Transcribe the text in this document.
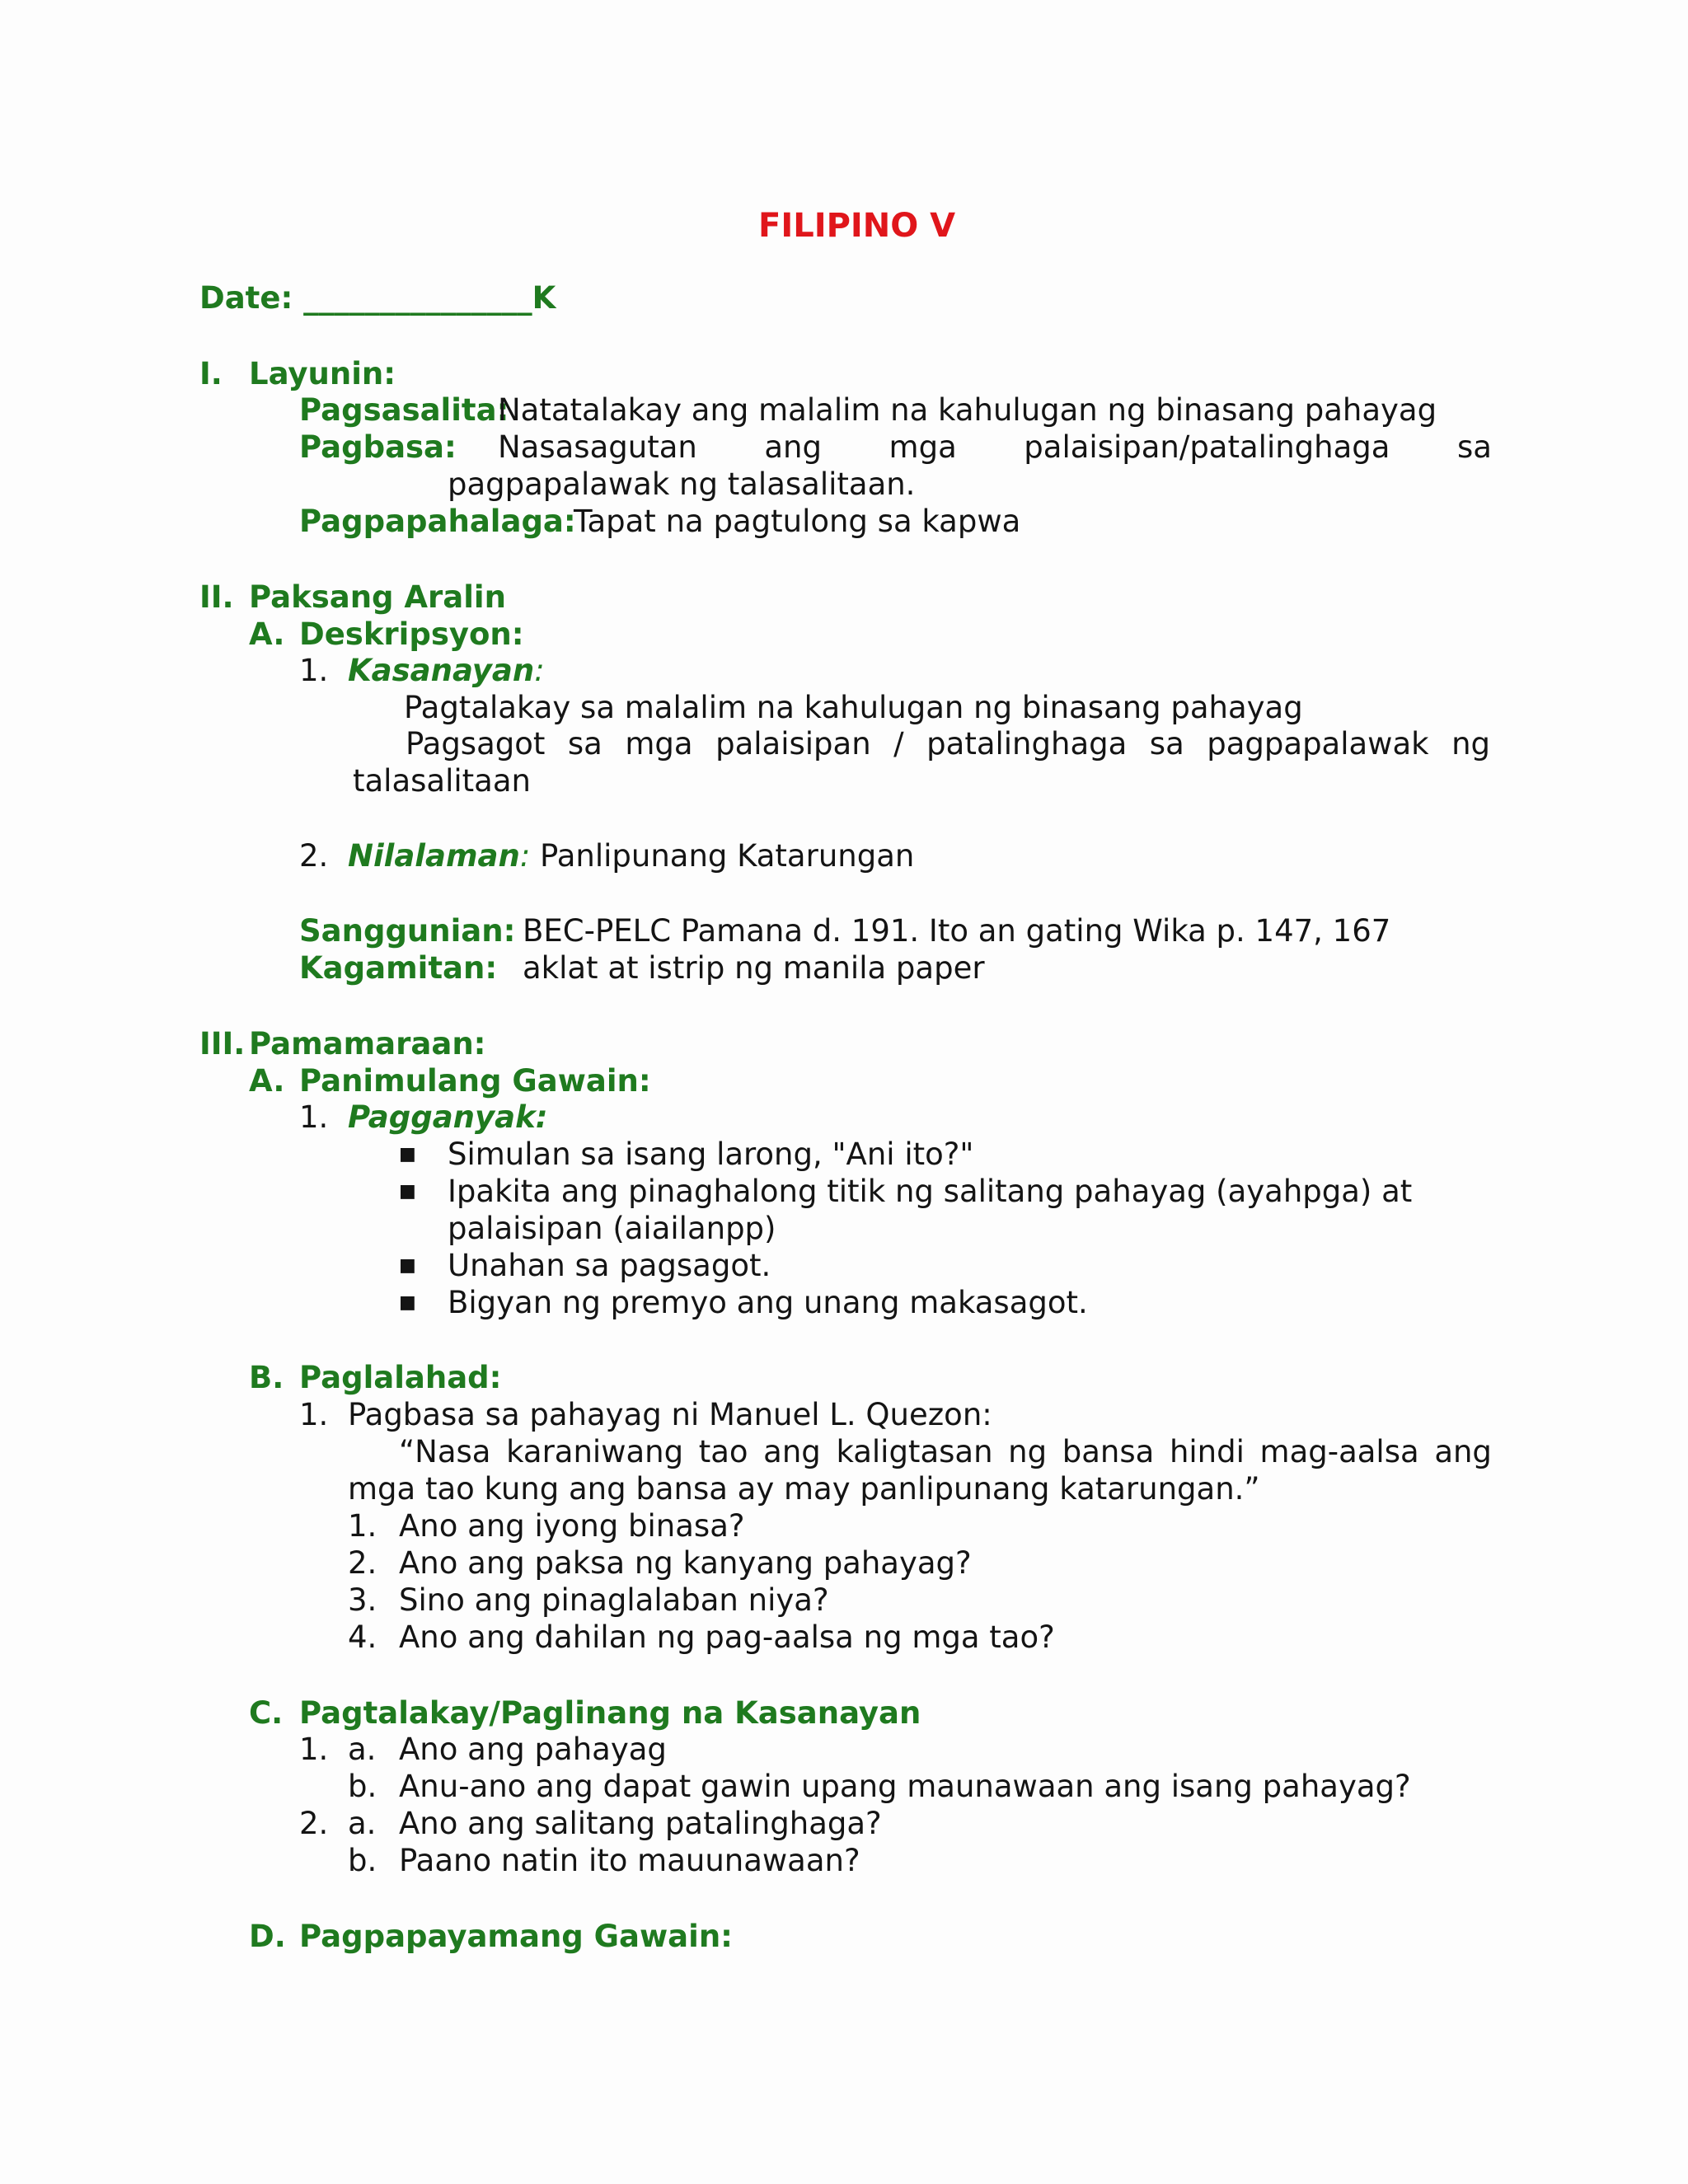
FILIPINO V
Date: _______________K
I. Layunin:
Pagsasalita:
Natatalakay ang malalim na kahulugan ng binasang pahayag
Pagbasa: Nasasagutan ang mga palaisipan/patalinghaga sa
pagpapalawak ng talasalitaan.
Pagpapahalaga:
Tapat na pagtulong sa kapwa
II. Paksang Aralin
A. Deskripsyon:
1. Kasanayan:
Pagtalakay sa malalim na kahulugan ng binasang pahayag
Pagsagot sa mga palaisipan / patalinghaga sa pagpapalawak ng
talasalitaan
2. Nilalaman: Panlipunang Katarungan
Sanggunian: BEC-PELC Pamana d. 191. Ito an gating Wika p. 147, 167
Kagamitan: aklat at istrip ng manila paper
III. Pamamaraan:
A. Panimulang Gawain:
1. Pagganyak:
■ Simulan sa isang larong, "Ani ito?"
■ Ipakita ang pinaghalong titik ng salitang pahayag (ayahpga) at
palaisipan (aiailanpp)
■ Unahan sa pagsagot.
■ Bigyan ng premyo ang unang makasagot.
B. Paglalahad:
1. Pagbasa sa pahayag ni Manuel L. Quezon:
“Nasa karaniwang tao ang kaligtasan ng bansa hindi mag-aalsa ang
mga tao kung ang bansa ay may panlipunang katarungan.”
1. Ano ang iyong binasa?
2. Ano ang paksa ng kanyang pahayag?
3. Sino ang pinaglalaban niya?
4. Ano ang dahilan ng pag-aalsa ng mga tao?
C. Pagtalakay/Paglinang na Kasanayan
1. a. Ano ang pahayag
b. Anu-ano ang dapat gawin upang maunawaan ang isang pahayag?
2. a. Ano ang salitang patalinghaga?
b. Paano natin ito mauunawaan?
D. Pagpapayamang Gawain:
